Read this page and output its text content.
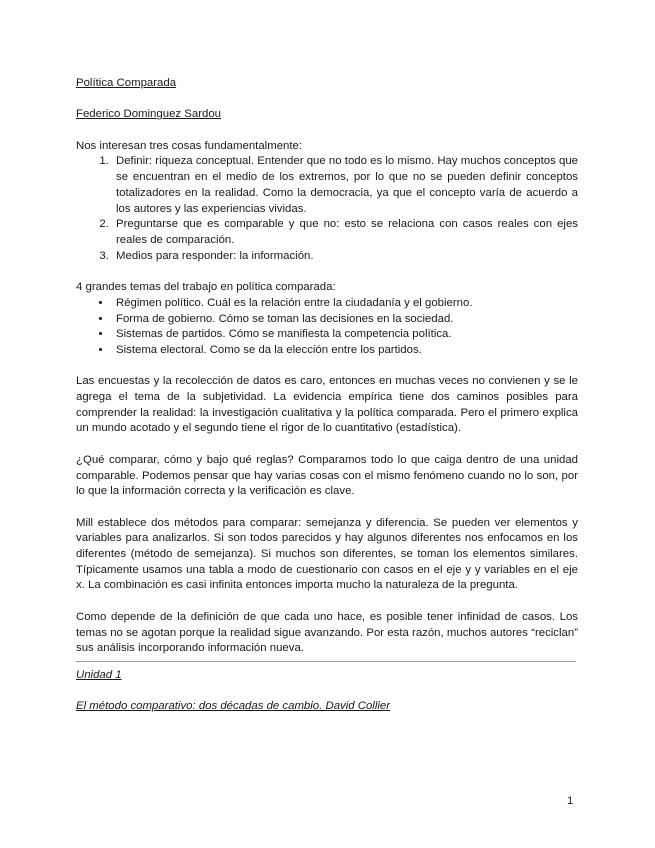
Política Comparada

Federico Dominguez Sardou

Nos interesan tres cosas fundamentalmente:

1. Definir: riqueza conceptual. Entender que no todo es lo mismo. Hay muchos conceptos que se encuentran en el medio de los extremos, por lo que no se pueden definir conceptos totalizadores en la realidad. Como la democracia, ya que el concepto varía de acuerdo a los autores y las experiencias vividas.
2. Preguntarse que es comparable y que no: esto se relaciona con casos reales con ejes reales de comparación.
3. Medios para responder: la información.

4 grandes temas del trabajo en política comparada:

• Régimen político. Cuál es la relación entre la ciudadanía y el gobierno.
• Forma de gobierno. Cómo se toman las decisiones en la sociedad.
• Sistemas de partidos. Cómo se manifiesta la competencia política.
• Sistema electoral. Como se da la elección entre los partidos.

Las encuestas y la recolección de datos es caro, entonces en muchas veces no convienen y se le agrega el tema de la subjetividad. La evidencia empírica tiene dos caminos posibles para comprender la realidad: la investigación cualitativa y la política comparada. Pero el primero explica un mundo acotado y el segundo tiene el rigor de lo cuantitativo (estadística).

¿Qué comparar, cómo y bajo qué reglas? Comparamos todo lo que caiga dentro de una unidad comparable. Podemos pensar que hay varias cosas con el mismo fenómeno cuando no lo son, por lo que la información correcta y la verificación es clave.

Mill establece dos métodos para comparar: semejanza y diferencia. Se pueden ver elementos y variables para analizarlos. Si son todos parecidos y hay algunos diferentes nos enfocamos en los diferentes (método de semejanza). Si muchos son diferentes, se toman los elementos similares. Típicamente usamos una tabla a modo de cuestionario con casos en el eje y y variables en el eje x. La combinación es casi infinita entonces importa mucho la naturaleza de la pregunta.

Como depende de la definición de que cada uno hace, es posible tener infinidad de casos. Los temas no se agotan porque la realidad sigue avanzando. Por esta razón, muchos autores “reciclan” sus análisis incorporando información nueva.

Unidad 1

El método comparativo: dos décadas de cambio. David Collier

1
